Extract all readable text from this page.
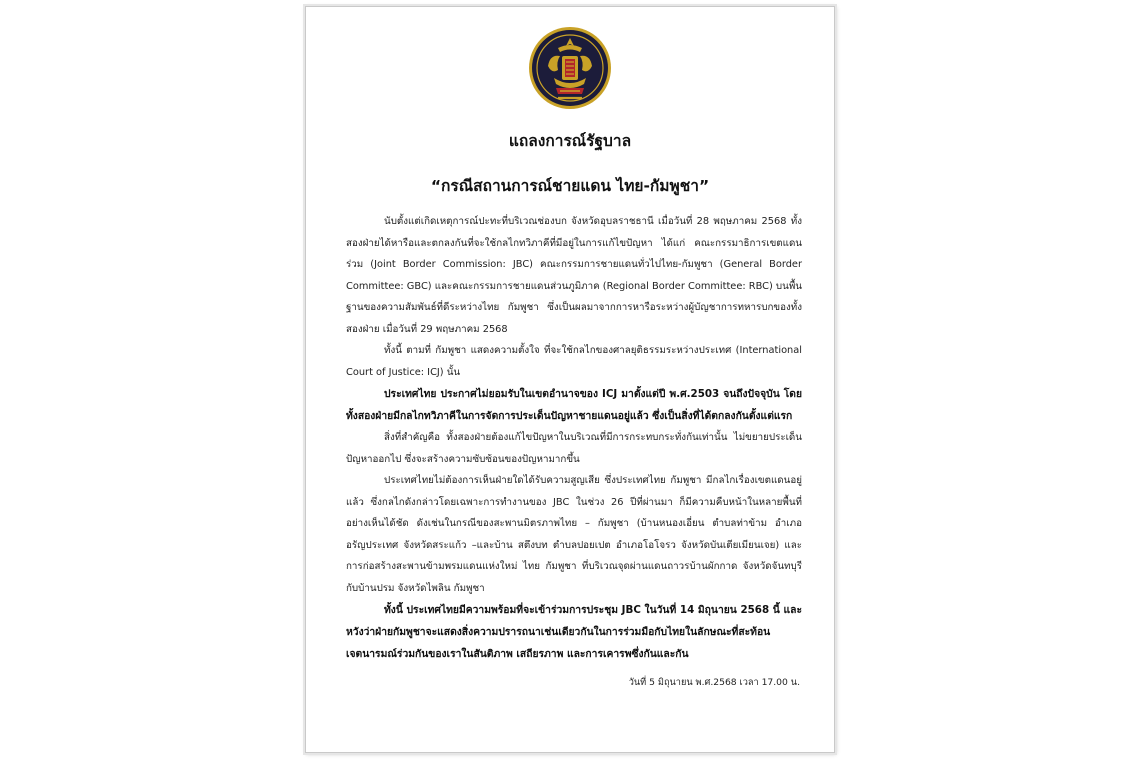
แถลงการณ์รัฐบาล
“กรณีสถานการณ์ชายแดน ไทย-กัมพูชา”

นับตั้งแต่เกิดเหตุการณ์ปะทะที่บริเวณช่องบก จังหวัดอุบลราชธานี เมื่อวันที่ 28 พฤษภาคม 2568 ทั้งสองฝ่ายได้หารือและตกลงกันที่จะใช้กลไกทวิภาคีที่มีอยู่ในการแก้ไขปัญหา ได้แก่ คณะกรรมาธิการเขตแดนร่วม (Joint Border Commission: JBC) คณะกรรมการชายแดนทั่วไปไทย-กัมพูชา (General Border Committee: GBC) และคณะกรรมการชายแดนส่วนภูมิภาค (Regional Border Committee: RBC) บนพื้นฐานของความสัมพันธ์ที่ดีระหว่างไทย กัมพูชา ซึ่งเป็นผลมาจากการหารือระหว่างผู้บัญชาการทหารบกของทั้งสองฝ่าย เมื่อวันที่ 29 พฤษภาคม 2568

ทั้งนี้ ตามที่ กัมพูชา แสดงความตั้งใจ ที่จะใช้กลไกของศาลยุติธรรมระหว่างประเทศ (International Court of Justice: ICJ) นั้น

ประเทศไทย ประกาศไม่ยอมรับในเขตอำนาจของ ICJ มาตั้งแต่ปี พ.ศ.2503 จนถึงปัจจุบัน โดยทั้งสองฝ่ายมีกลไกทวิภาคีในการจัดการประเด็นปัญหาชายแดนอยู่แล้ว ซึ่งเป็นสิ่งที่ได้ตกลงกันตั้งแต่แรก

สิ่งที่สำคัญคือ ทั้งสองฝ่ายต้องแก้ไขปัญหาในบริเวณที่มีการกระทบกระทั่งกันเท่านั้น ไม่ขยายประเด็นปัญหาออกไป ซึ่งจะสร้างความซับซ้อนของปัญหามากขึ้น

ประเทศไทยไม่ต้องการเห็นฝ่ายใดได้รับความสูญเสีย ซึ่งประเทศไทย กัมพูชา มีกลไกเรื่องเขตแดนอยู่แล้ว ซึ่งกลไกดังกล่าวโดยเฉพาะการทำงานของ JBC ในช่วง 26 ปีที่ผ่านมา ก็มีความคืบหน้าในหลายพื้นที่อย่างเห็นได้ชัด ดังเช่นในกรณีของสะพานมิตรภาพไทย – กัมพูชา (บ้านหนองเอี่ยน ตำบลท่าข้าม อำเภออรัญประเทศ จังหวัดสระแก้ว –และบ้าน สตึงบท ตำบลปอยเปต อำเภอโอโจรว จังหวัดบันเตียเมียนเจย) และการก่อสร้างสะพานข้ามพรมแดนแห่งใหม่ ไทย กัมพูชา ที่บริเวณจุดผ่านแดนถาวรบ้านผักกาด จังหวัดจันทบุรีกับบ้านปรม จังหวัดไพลิน กัมพูชา

ทั้งนี้ ประเทศไทยมีความพร้อมที่จะเข้าร่วมการประชุม JBC ในวันที่ 14 มิถุนายน 2568 นี้ และหวังว่าฝ่ายกัมพูชาจะแสดงสิ่งความปรารถนาเช่นเดียวกันในการร่วมมือกับไทยในลักษณะที่สะท้อนเจตนารมณ์ร่วมกันของเราในสันติภาพ เสถียรภาพ และการเคารพซึ่งกันและกัน

วันที่ 5 มิถุนายน พ.ศ.2568 เวลา 17.00 น.
